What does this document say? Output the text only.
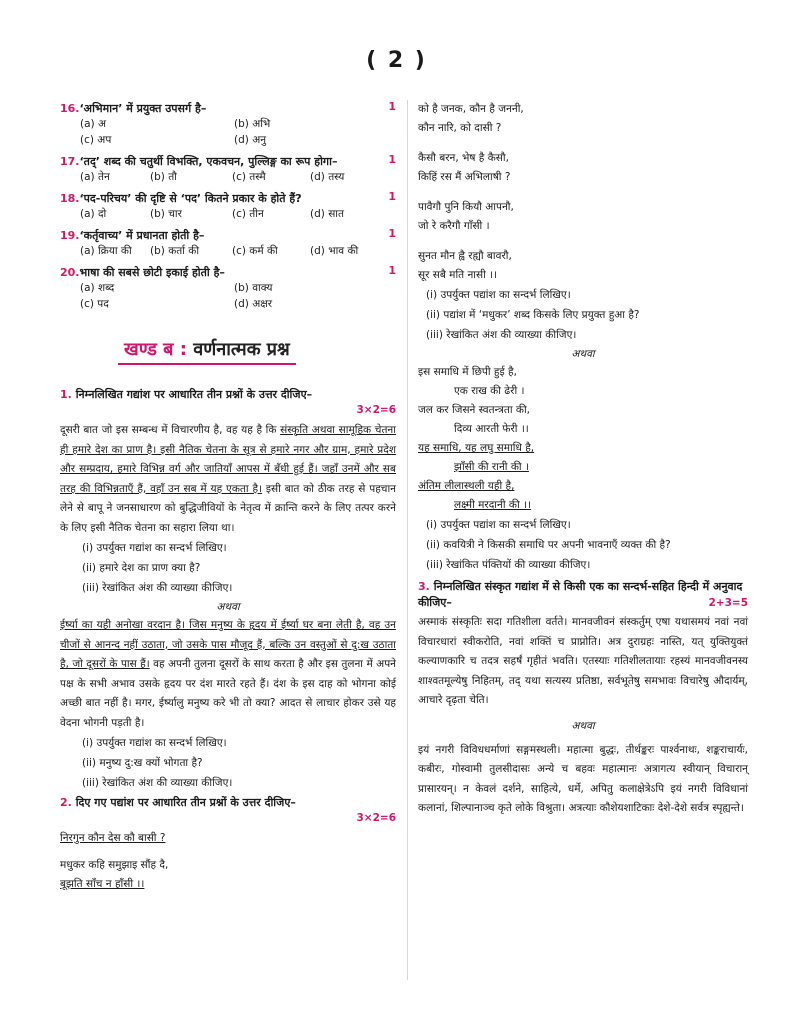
( 2 )
16.‘अभिमान’ में प्रयुक्त उपसर्ग है–	1
(a) अ	(b) अभि
(c) अप	(d) अनु
17.‘तद्’ शब्द की चतुर्थी विभक्ति, एकवचन, पुल्लिङ्ग का रूप होगा–	1
(a) तेन	(b) तौ	(c) तस्मै	(d) तस्य
18.‘पद-परिचय’ की दृष्टि से ‘पद’ कितने प्रकार के होते हैं?	1
(a) दो	(b) चार	(c) तीन	(d) सात
19.‘कर्तृवाच्य’ में प्रधानता होती है–	1
(a) क्रिया की (b) कर्ता की	(c) कर्म की	(d) भाव की
20.भाषा की सबसे छोटी इकाई होती है–	1
(a) शब्द	(b) वाक्य
(c) पद	(d) अक्षर
खण्ड ब : वर्णनात्मक प्रश्न
1. निम्नलिखित गद्यांश पर आधारित तीन प्रश्नों के उत्तर दीजिए–
3×2=6
दूसरी बात जो इस सम्बन्ध में विचारणीय है, वह यह है कि संस्कृति अथवा सामूहिक चेतना ही हमारे देश का प्राण है। इसी नैतिक चेतना के सूत्र से हमारे नगर और ग्राम, हमारे प्रदेश और सम्प्रदाय, हमारे विभिन्न वर्ग और जातियाँ आपस में बँधी हुई हैं। जहाँ उनमें और सब तरह की विभिन्नताएँ हैं, वहाँ उन सब में यह एकता है। इसी बात को ठीक तरह से पहचान लेने से बापू ने जनसाधारण को बुद्धिजीवियों के नेतृत्व में क्रान्ति करने के लिए तत्पर करने के लिए इसी नैतिक चेतना का सहारा लिया था।
(i) उपर्युक्त गद्यांश का सन्दर्भ लिखिए।
(ii) हमारे देश का प्राण क्या है?
(iii) रेखांकित अंश की व्याख्या कीजिए।
अथवा
ईर्ष्या का यही अनोखा वरदान है। जिस मनुष्य के हृदय में ईर्ष्या घर बना लेती है, वह उन चीजों से आनन्द नहीं उठाता, जो उसके पास मौजूद हैं, बल्कि उन वस्तुओं से दु:ख उठाता है, जो दूसरों के पास हैं। वह अपनी तुलना दूसरों के साथ करता है और इस तुलना में अपने पक्ष के सभी अभाव उसके हृदय पर दंश मारते रहते हैं। दंश के इस दाह को भोगना कोई अच्छी बात नहीं है। मगर, ईर्ष्यालु मनुष्य करे भी तो क्या? आदत से लाचार होकर उसे यह वेदना भोगनी पड़ती है।
(i) उपर्युक्त गद्यांश का सन्दर्भ लिखिए।
(ii) मनुष्य दु:ख क्यों भोगता है?
(iii) रेखांकित अंश की व्याख्या कीजिए।
2. दिए गए पद्यांश पर आधारित तीन प्रश्नों के उत्तर दीजिए–
3×2=6
निरगुन कौन देस कौ बासी ?
मधुकर कहि समुझाइ सौंह दै,
बूझति साँच न हाँसी ।।
को है जनक, कौन है जननी,
कौन नारि, को दासी ?
कैसौ बरन, भेष है कैसौ,
किहिं रस मैं अभिलाषी ?
पावैगौ पुनि कियौ आपनौ,
जो रे करैगौ गाँसी ।
सुनत मौन ह्वै रह्यौ बावरौ,
सूर सबै मति नासी ।।
(i) उपर्युक्त पद्यांश का सन्दर्भ लिखिए।
(ii) पद्यांश में ‘मधुकर’ शब्द किसके लिए प्रयुक्त हुआ है?
(iii) रेखांकित अंश की व्याख्या कीजिए।
अथवा
इस समाधि में छिपी हुई है,
एक राख की ढेरी ।
जल कर जिसने स्वतन्त्रता की,
दिव्य आरती फेरी ।।
यह समाधि, यह लघु समाधि है,
झाँसी की रानी की ।
अंतिम लीलास्थली यही है,
लक्ष्मी मरदानी की ।।
(i) उपर्युक्त पद्यांश का सन्दर्भ लिखिए।
(ii) कवयित्री ने किसकी समाधि पर अपनी भावनाएँ व्यक्त की है?
(iii) रेखांकित पंक्तियों की व्याख्या कीजिए।
3. निम्नलिखित संस्कृत गद्यांश में से किसी एक का सन्दर्भ-सहित हिन्दी में अनुवाद कीजिए–	2+3=5
अस्माकं संस्कृतिः सदा गतिशीला वर्तते। मानवजीवनं संस्कर्तुम् एषा यथासमयं नवां नवां विचारधारां स्वीकरोति, नवां शक्तिं च प्राप्नोति। अत्र दुराग्रहः नास्ति, यत् युक्तियुक्तं कल्याणकारि च तदत्र सहर्षं गृहीतं भवति। एतस्याः गतिशीलतायाः रहस्यं मानवजीवनस्य शाश्वतमूल्येषु निहितम्, तद् यथा सत्यस्य प्रतिष्ठा, सर्वभूतेषु समभावः विचारेषु औदार्यम्, आचारे दृढ़ता चेति।
अथवा
इयं नगरी विविधधर्माणां सङ्गमस्थली। महात्मा बुद्धः, तीर्थङ्करः पार्श्वनाथः, शङ्कराचार्यः, कबीरः, गोस्वामी तुलसीदासः अन्ये च बहवः महात्मानः अत्रागत्य स्वीयान् विचारान् प्रासारयन्। न केवलं दर्शने, साहित्ये, धर्मे, अपितु कलाक्षेत्रेऽपि इयं नगरी विविधानां कलानां, शिल्पानाञ्च कृते लोके विश्रुता। अत्रत्याः कौशेयशाटिकाः देशे-देशे सर्वत्र स्पृह्यन्ते।
